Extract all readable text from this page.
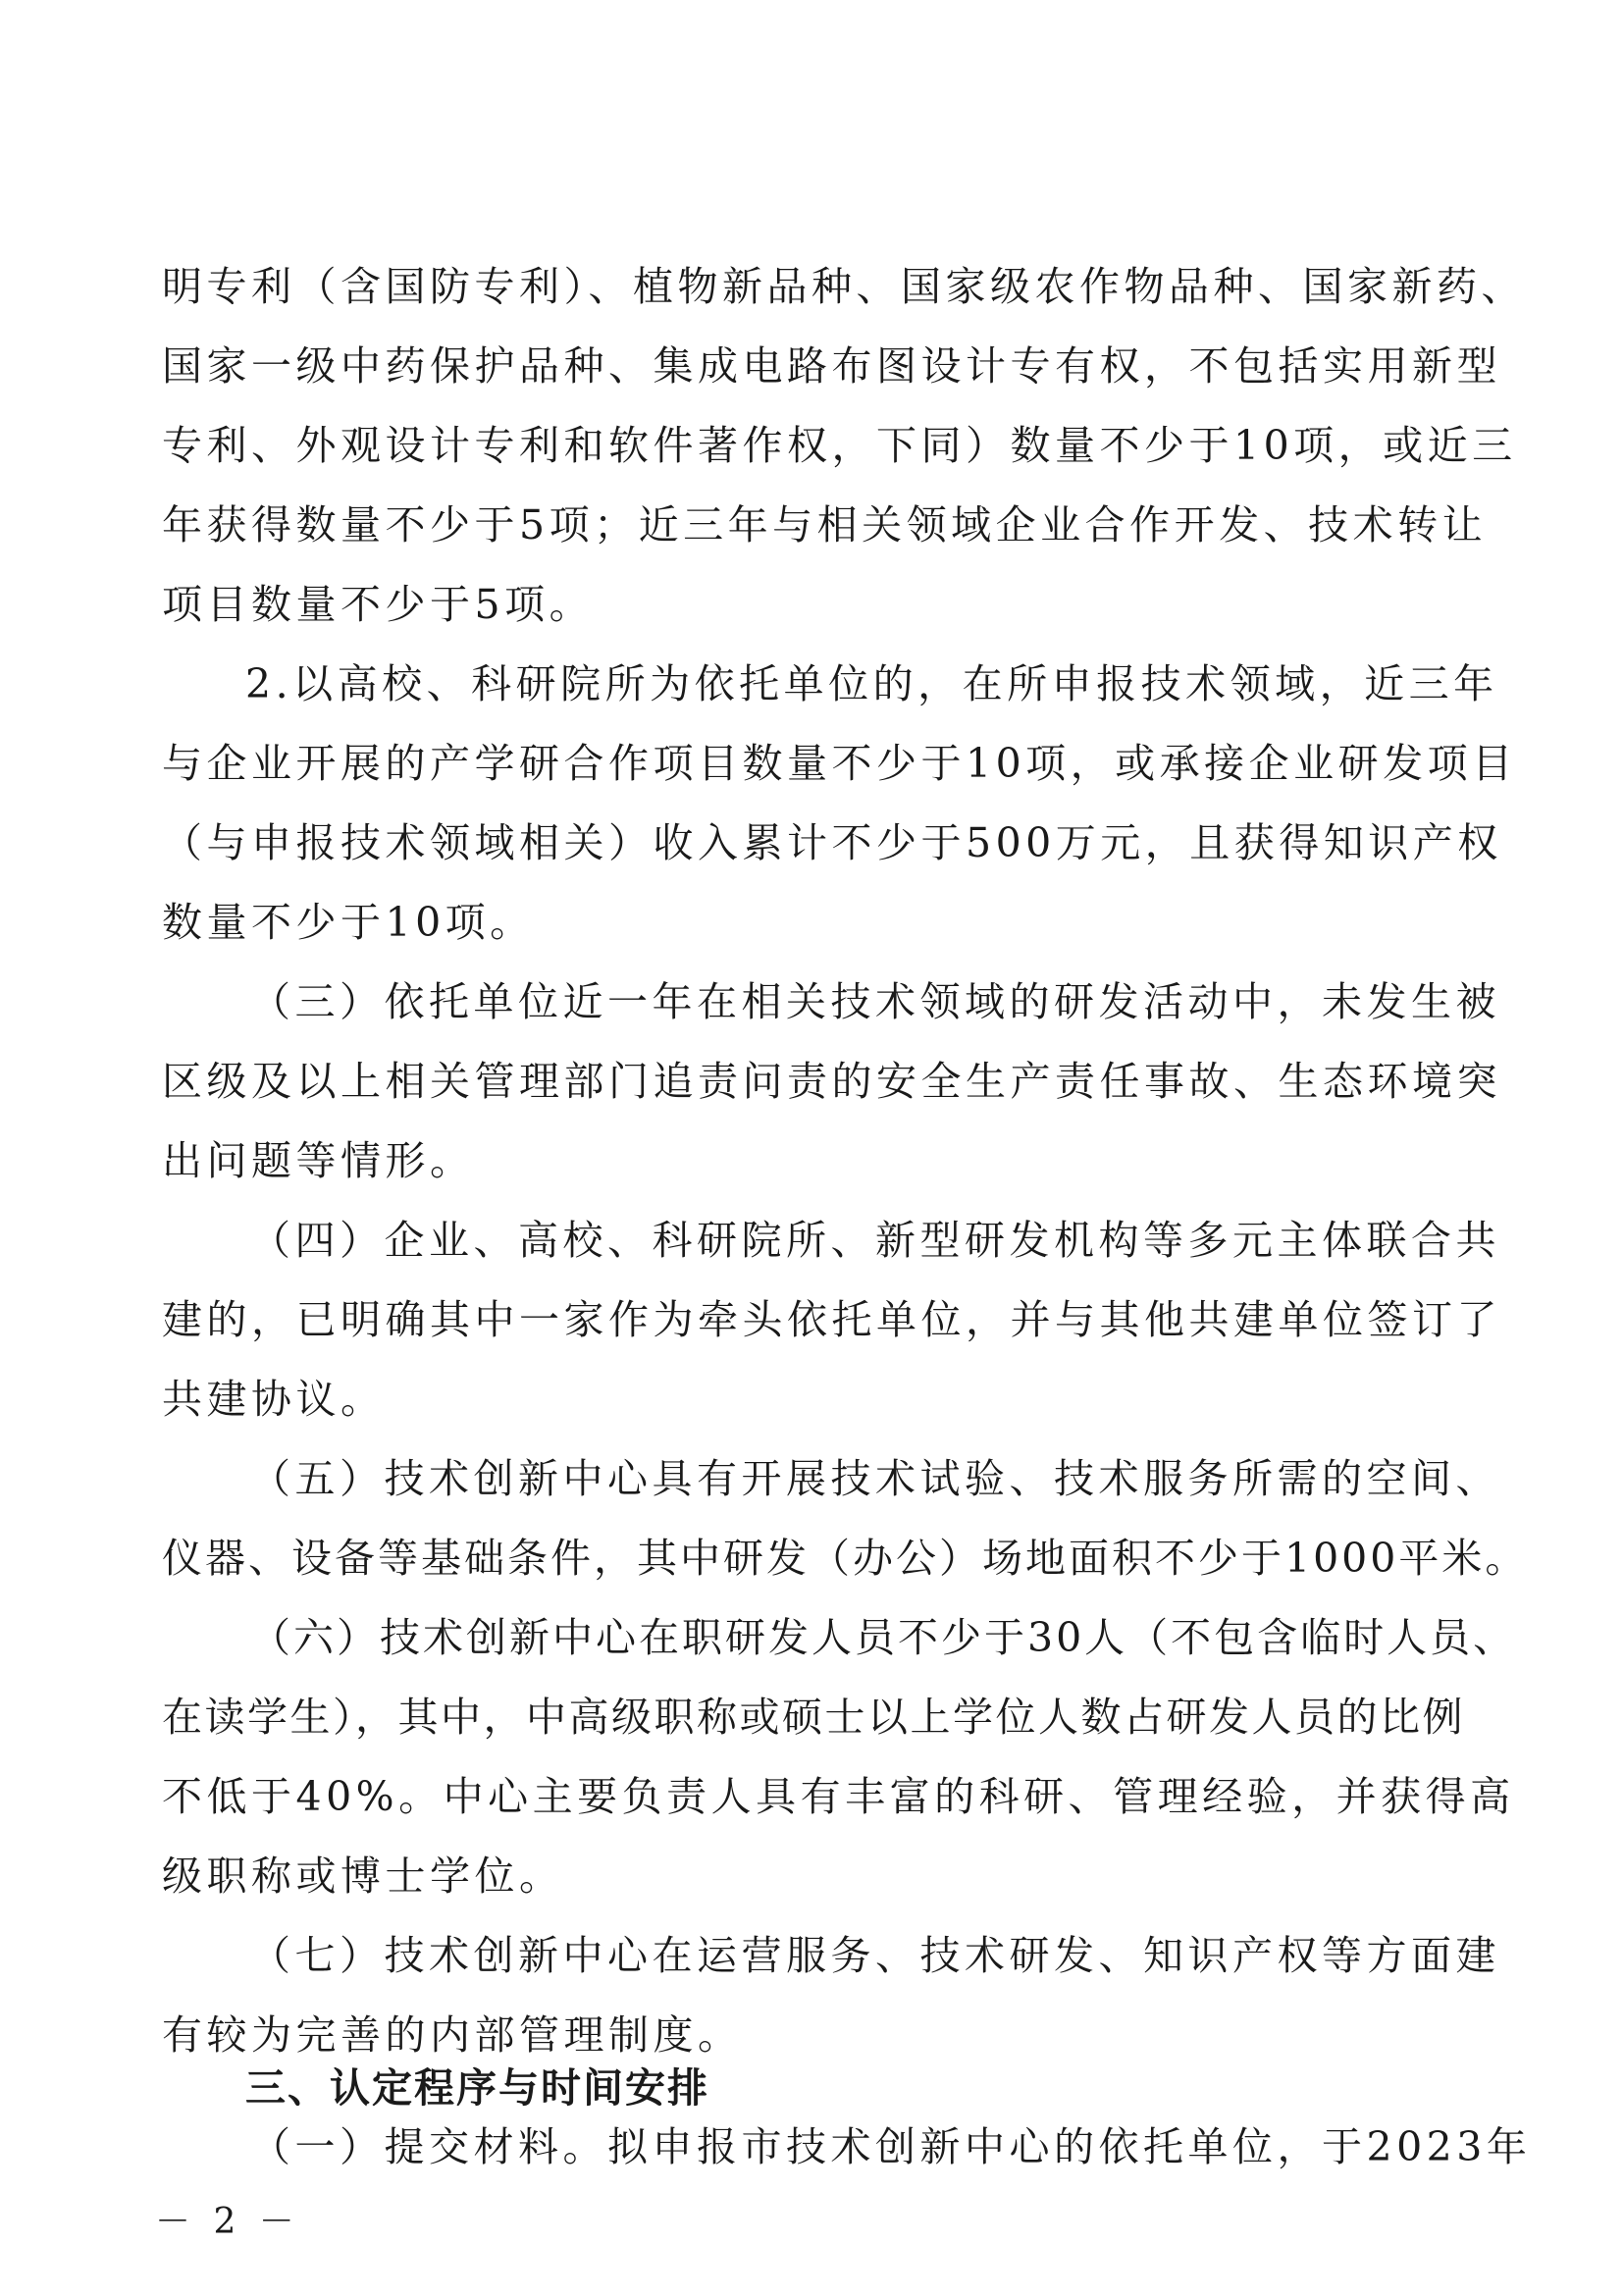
明专利（含国防专利）、植物新品种、国家级农作物品种、国家新药、
国家一级中药保护品种、集成电路布图设计专有权，不包括实用新型
专利、外观设计专利和软件著作权，下同）数量不少于10项，或近三
年获得数量不少于5项；近三年与相关领域企业合作开发、技术转让
项目数量不少于5项。
2.以高校、科研院所为依托单位的，在所申报技术领域，近三年
与企业开展的产学研合作项目数量不少于10项，或承接企业研发项目
（与申报技术领域相关）收入累计不少于500万元，且获得知识产权
数量不少于10项。
（三）依托单位近一年在相关技术领域的研发活动中，未发生被
区级及以上相关管理部门追责问责的安全生产责任事故、生态环境突
出问题等情形。
（四）企业、高校、科研院所、新型研发机构等多元主体联合共
建的，已明确其中一家作为牵头依托单位，并与其他共建单位签订了
共建协议。
（五）技术创新中心具有开展技术试验、技术服务所需的空间、
仪器、设备等基础条件，其中研发（办公）场地面积不少于1000平米。
（六）技术创新中心在职研发人员不少于30人（不包含临时人员、
在读学生），其中，中高级职称或硕士以上学位人数占研发人员的比例
不低于40%。中心主要负责人具有丰富的科研、管理经验，并获得高
级职称或博士学位。
（七）技术创新中心在运营服务、技术研发、知识产权等方面建
有较为完善的内部管理制度。
三、认定程序与时间安排
（一）提交材料。拟申报市技术创新中心的依托单位，于2023年
－ 2 －
